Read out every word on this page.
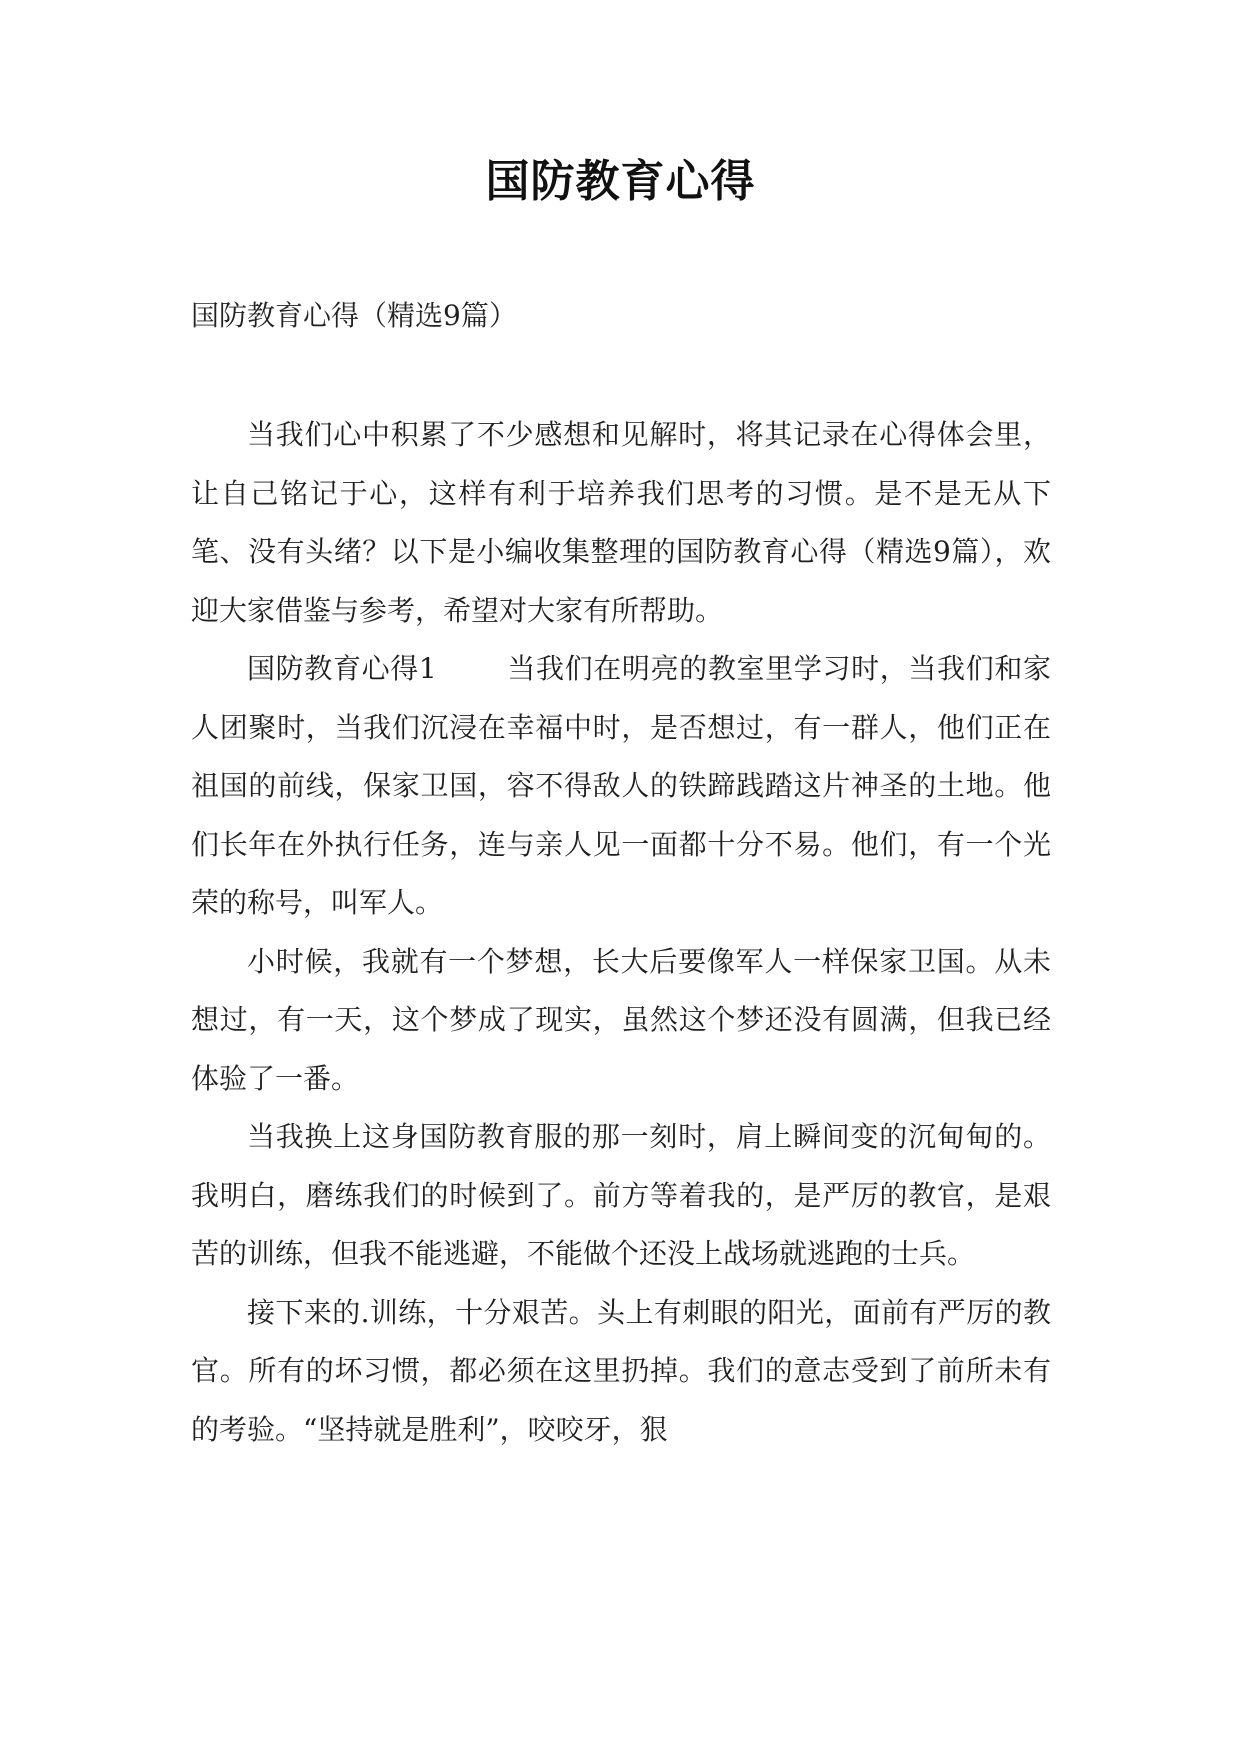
国防教育心得
国防教育心得（精选9篇）

当我们心中积累了不少感想和见解时，将其记录在心得体会里，让自己铭记于心，这样有利于培养我们思考的习惯。是不是无从下笔、没有头绪？以下是小编收集整理的国防教育心得（精选9篇），欢迎大家借鉴与参考，希望对大家有所帮助。

国防教育心得1	当我们在明亮的教室里学习时，当我们和家人团聚时，当我们沉浸在幸福中时，是否想过，有一群人，他们正在祖国的前线，保家卫国，容不得敌人的铁蹄践踏这片神圣的土地。他们长年在外执行任务，连与亲人见一面都十分不易。他们，有一个光荣的称号，叫军人。

小时候，我就有一个梦想，长大后要像军人一样保家卫国。从未想过，有一天，这个梦成了现实，虽然这个梦还没有圆满，但我已经体验了一番。

当我换上这身国防教育服的那一刻时，肩上瞬间变的沉甸甸的。我明白，磨练我们的时候到了。前方等着我的，是严厉的教官，是艰苦的训练，但我不能逃避，不能做个还没上战场就逃跑的士兵。

接下来的.训练，十分艰苦。头上有刺眼的阳光，面前有严厉的教官。所有的坏习惯，都必须在这里扔掉。我们的意志受到了前所未有的考验。“坚持就是胜利”，咬咬牙，狠
